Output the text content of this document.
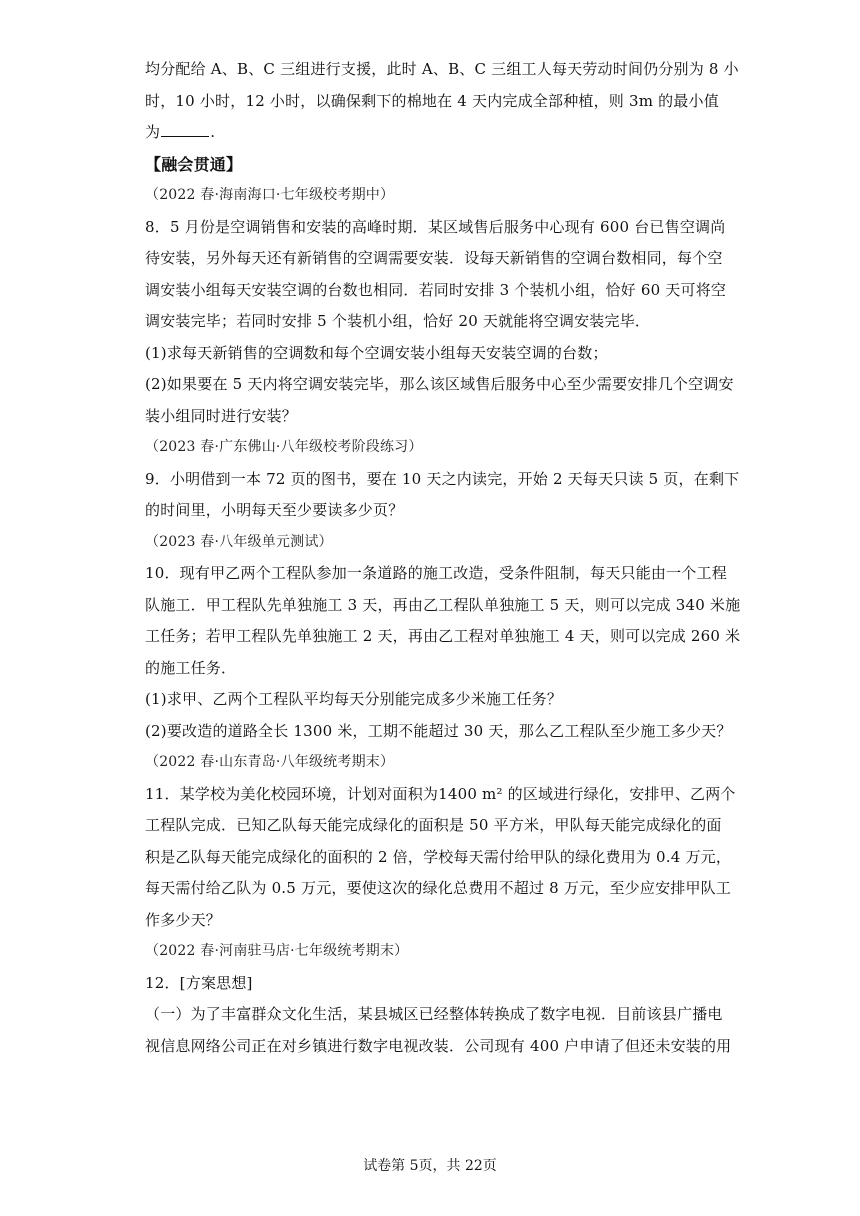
均分配给 A、B、C 三组进行支援，此时 A、B、C 三组工人每天劳动时间仍分别为 8 小
时，10 小时，12 小时，以确保剩下的棉地在 4 天内完成全部种植，则 3m 的最小值
为	.
【融会贯通】
（2022 春·海南海口·七年级校考期中）
8．5 月份是空调销售和安装的高峰时期．某区域售后服务中心现有 600 台已售空调尚
待安装，另外每天还有新销售的空调需要安装．设每天新销售的空调台数相同，每个空
调安装小组每天安装空调的台数也相同．若同时安排 3 个装机小组，恰好 60 天可将空
调安装完毕；若同时安排 5 个装机小组，恰好 20 天就能将空调安装完毕．
(1)求每天新销售的空调数和每个空调安装小组每天安装空调的台数；
(2)如果要在 5 天内将空调安装完毕，那么该区域售后服务中心至少需要安排几个空调安
装小组同时进行安装？
（2023 春·广东佛山·八年级校考阶段练习）
9．小明借到一本 72 页的图书，要在 10 天之内读完，开始 2 天每天只读 5 页，在剩下
的时间里，小明每天至少要读多少页？
（2023 春·八年级单元测试）
10．现有甲乙两个工程队参加一条道路的施工改造，受条件阻制，每天只能由一个工程
队施工．甲工程队先单独施工 3 天，再由乙工程队单独施工 5 天，则可以完成 340 米施
工任务；若甲工程队先单独施工 2 天，再由乙工程对单独施工 4 天，则可以完成 260 米
的施工任务．
(1)求甲、乙两个工程队平均每天分别能完成多少米施工任务？
(2)要改造的道路全长 1300 米，工期不能超过 30 天，那么乙工程队至少施工多少天？
（2022 春·山东青岛·八年级统考期末）
11．某学校为美化校园环境，计划对面积为1400 m² 的区域进行绿化，安排甲、乙两个
工程队完成．已知乙队每天能完成绿化的面积是 50 平方米，甲队每天能完成绿化的面
积是乙队每天能完成绿化的面积的 2 倍，学校每天需付给甲队的绿化费用为 0.4 万元，
每天需付给乙队为 0.5 万元，要使这次的绿化总费用不超过 8 万元，至少应安排甲队工
作多少天？
（2022 春·河南驻马店·七年级统考期末）
12．[方案思想]
（一）为了丰富群众文化生活，某县城区已经整体转换成了数字电视．目前该县广播电
视信息网络公司正在对乡镇进行数字电视改装．公司现有 400 户申请了但还未安装的用
试卷第 5页，共 22页
